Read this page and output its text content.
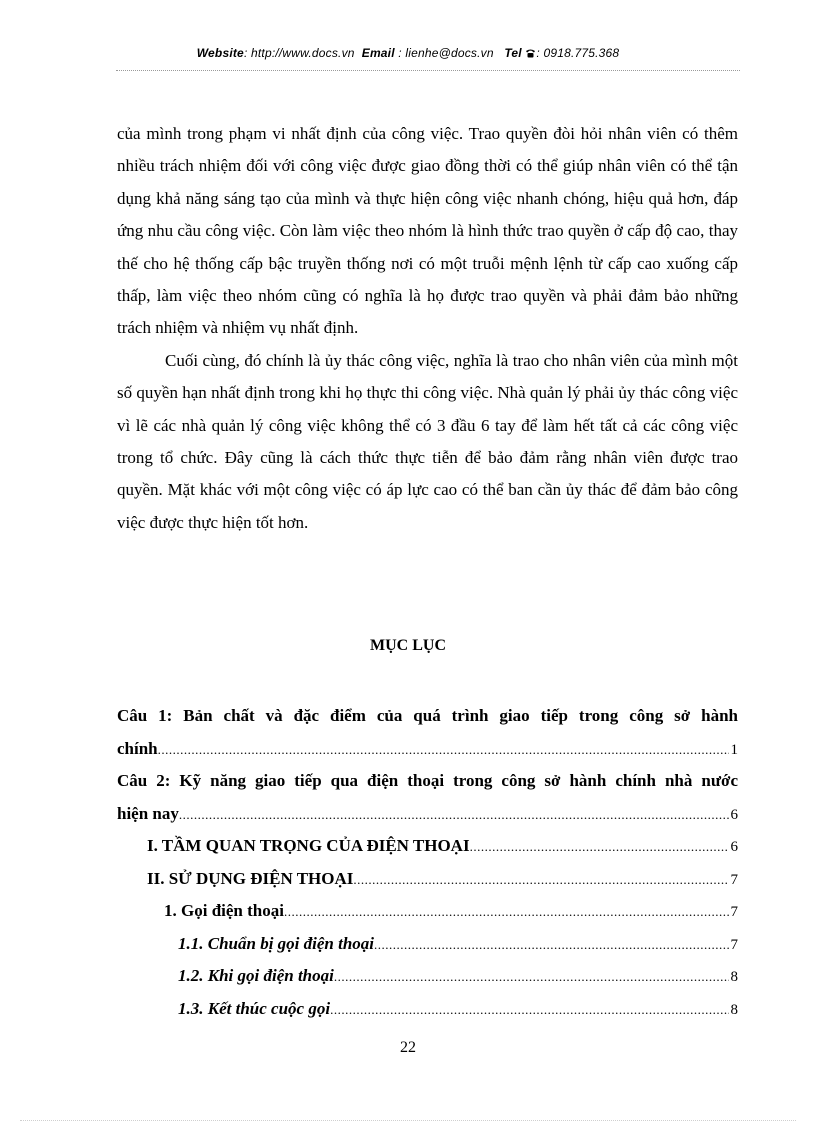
Website: http://www.docs.vn Email : lienhe@docs.vn Tel : 0918.775.368

của mình trong phạm vi nhất định của công việc. Trao quyền đòi hỏi nhân viên có thêm nhiều trách nhiệm đối với công việc được giao đồng thời có thể giúp nhân viên có thể tận dụng khả năng sáng tạo của mình và thực hiện công việc nhanh chóng, hiệu quả hơn, đáp ứng nhu cầu công việc. Còn làm việc theo nhóm là hình thức trao quyền ở cấp độ cao, thay thế cho hệ thống cấp bậc truyền thống nơi có một truỗi mệnh lệnh từ cấp cao xuống cấp thấp, làm việc theo nhóm cũng có nghĩa là họ được trao quyền và phải đảm bảo những trách nhiệm và nhiệm vụ nhất định.

Cuối cùng, đó chính là ủy thác công việc, nghĩa là trao cho nhân viên của mình một số quyền hạn nhất định trong khi họ thực thi công việc. Nhà quản lý phải ủy thác công việc vì lẽ các nhà quản lý công việc không thể có 3 đầu 6 tay để làm hết tất cả các công việc trong tổ chức. Đây cũng là cách thức thực tiễn để bảo đảm rằng nhân viên được trao quyền. Mặt khác với một công việc có áp lực cao có thể ban cần ủy thác để đảm bảo công việc được thực hiện tốt hơn.

MỤC LỤC
Câu 1: Bản chất và đặc điểm của quá trình giao tiếp trong công sở hành
chính .....	1
Câu 2: Kỹ năng giao tiếp qua điện thoại trong công sở hành chính nhà nước
hiện nay .....	6
I. TẦM QUAN TRỌNG CỦA ĐIỆN THOẠI .....	6
II. SỬ DỤNG ĐIỆN THOẠI .....	7
1. Gọi điện thoại .....	7
1.1. Chuẩn bị gọi điện thoại .....	7
1.2. Khi gọi điện thoại .....	8
1.3. Kết thúc cuộc gọi .....	8
22
